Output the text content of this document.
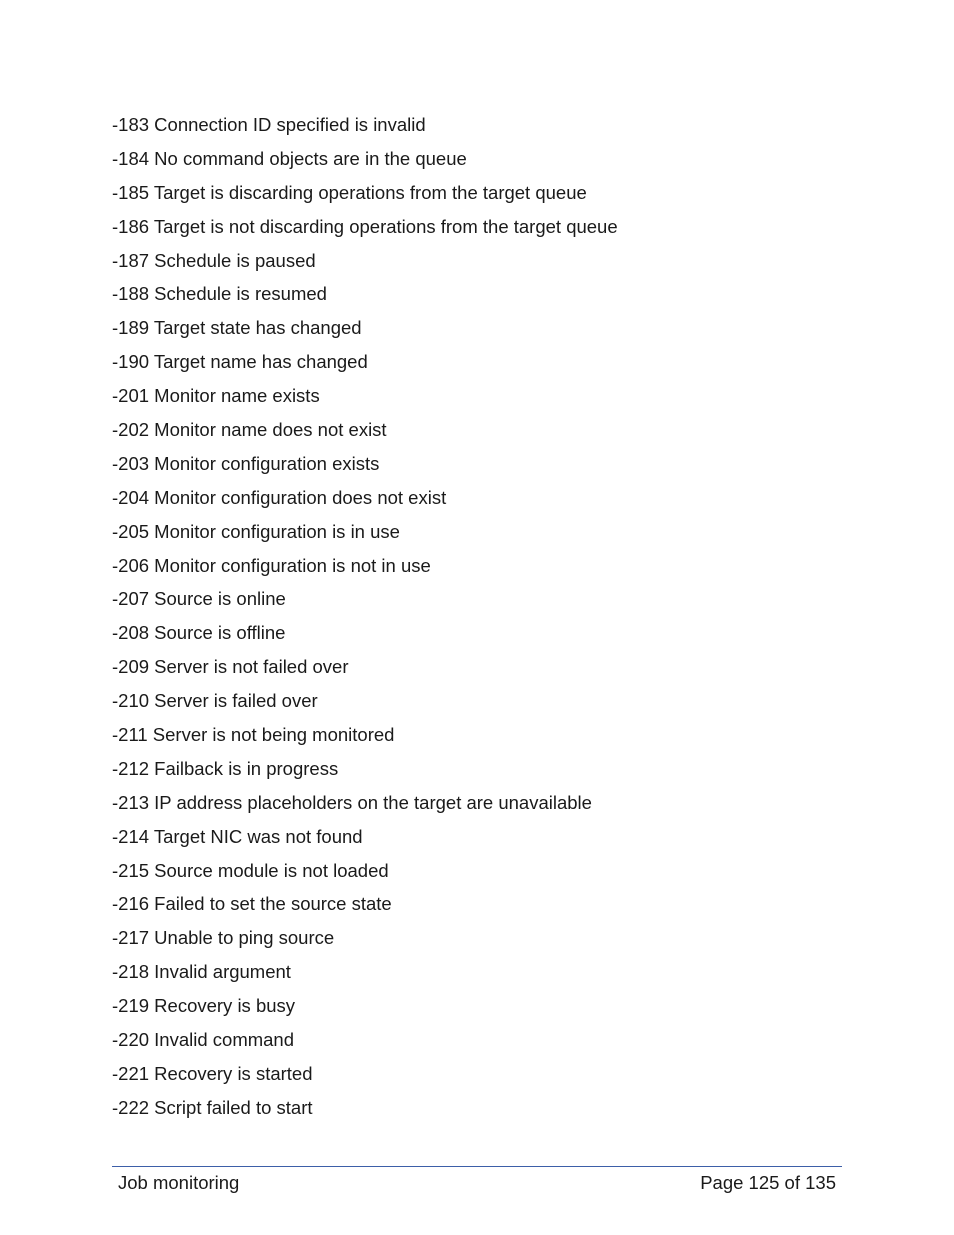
-183 Connection ID specified is invalid
-184 No command objects are in the queue
-185 Target is discarding operations from the target queue
-186 Target is not discarding operations from the target queue
-187 Schedule is paused
-188 Schedule is resumed
-189 Target state has changed
-190 Target name has changed
-201 Monitor name exists
-202 Monitor name does not exist
-203 Monitor configuration exists
-204 Monitor configuration does not exist
-205 Monitor configuration is in use
-206 Monitor configuration is not in use
-207 Source is online
-208 Source is offline
-209 Server is not failed over
-210 Server is failed over
-211 Server is not being monitored
-212 Failback is in progress
-213 IP address placeholders on the target are unavailable
-214 Target NIC was not found
-215 Source module is not loaded
-216 Failed to set the source state
-217 Unable to ping source
-218 Invalid argument
-219 Recovery is busy
-220 Invalid command
-221 Recovery is started
-222 Script failed to start
Job monitoring	Page 125 of 135
